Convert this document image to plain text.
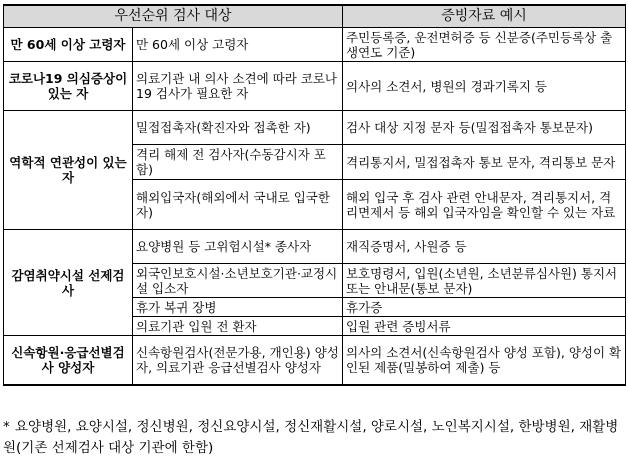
우선순위 검사 대상		증빙자료 예시
만 60세 이상 고령자	만 60세 이상 고령자	주민등록증, 운전면허증 등 신분증(주민등록상 출생연도 기준)
코로나19 의심증상이 있는 자	의료기관 내 의사 소견에 따라 코로나19 검사가 필요한 자	의사의 소견서, 병원의 경과기록지 등
역학적 연관성이 있는자	밀접접촉자(확진자와 접촉한 자)	검사 대상 지정 문자 등(밀접접촉자 통보문자)
	격리 해제 전 검사자(수동감시자 포함)	격리통지서, 밀접접촉자 통보 문자, 격리통보 문자
	해외입국자(해외에서 국내로 입국한 자)	해외 입국 후 검사 관련 안내문자, 격리통지서, 격리면제서 등 해외 입국자임을 확인할 수 있는 자료
감염취약시설 선제검사	요양병원 등 고위험시설* 종사자	재직증명서, 사원증 등
	외국인보호시설·소년보호기관·교정시설 입소자	보호명령서, 입원(소년원, 소년분류심사원) 통지서 또는 안내문(통보 문자)
	휴가 복귀 장병	휴가증
	의료기관 입원 전 환자	입원 관련 증빙서류
신속항원·응급선별검사 양성자	신속항원검사(전문가용, 개인용) 양성자, 의료기관 응급선별검사 양성자	의사의 소견서(신속항원검사 양성 포함), 양성이 확인된 제품(밀봉하여 제출) 등
* 요양병원, 요양시설, 정신병원, 정신요양시설, 정신재활시설, 양로시설, 노인복지시설, 한방병원, 재활병원(기존 선제검사 대상 기관에 한함)
